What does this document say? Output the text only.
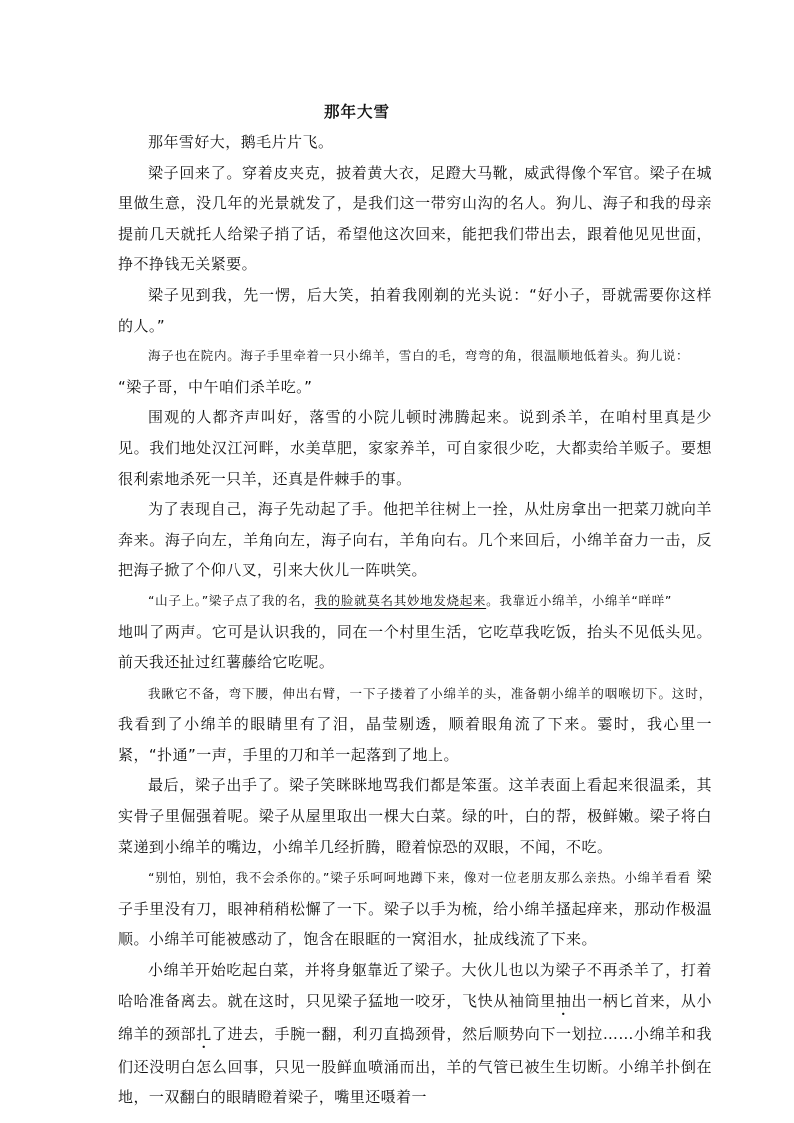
那年大雪

那年雪好大，鹅毛片片飞。

梁子回来了。穿着皮夹克，披着黄大衣，足蹬大马靴，威武得像个军官。梁子在城里做生意，没几年的光景就发了，是我们这一带穷山沟的名人。狗儿、海子和我的母亲提前几天就托人给梁子捎了话，希望他这次回来，能把我们带出去，跟着他见见世面，挣不挣钱无关紧要。

梁子见到我，先一愣，后大笑，拍着我刚剃的光头说：“好小子，哥就需要你这样的人。”

海子也在院内。海子手里牵着一只小绵羊，雪白的毛，弯弯的角，很温顺地低着头。狗儿说：

“梁子哥，中午咱们杀羊吃。”

围观的人都齐声叫好，落雪的小院儿顿时沸腾起来。说到杀羊，在咱村里真是少见。我们地处汉江河畔，水美草肥，家家养羊，可自家很少吃，大都卖给羊贩子。要想很利索地杀死一只羊，还真是件棘手的事。

为了表现自己，海子先动起了手。他把羊往树上一拴，从灶房拿出一把菜刀就向羊奔来。海子向左，羊角向左，海子向右，羊角向右。几个来回后，小绵羊奋力一击，反把海子掀了个仰八叉，引来大伙儿一阵哄笑。

“山子上。”梁子点了我的名，我的脸就莫名其妙地发烧起来。我靠近小绵羊，小绵羊“咩咩”

地叫了两声。它可是认识我的，同在一个村里生活，它吃草我吃饭，抬头不见低头见。前天我还扯过红薯藤给它吃呢。

我瞅它不备，弯下腰，伸出右臂，一下子搂着了小绵羊的头，准备朝小绵羊的咽喉切下。这时， 我看到了小绵羊的眼睛里有了泪，晶莹剔透，顺着眼角流了下来。霎时，我心里一紧，“扑通”一声，手里的刀和羊一起落到了地上。

最后，梁子出手了。梁子笑眯眯地骂我们都是笨蛋。这羊表面上看起来很温柔，其实骨子里倔强着呢。梁子从屋里取出一棵大白菜。绿的叶，白的帮，极鲜嫩。梁子将白菜递到小绵羊的嘴边，小绵羊几经折腾，瞪着惊恐的双眼，不闻，不吃。

“别怕，别怕，我不会杀你的。”梁子乐呵呵地蹲下来，像对一位老朋友那么亲热。小绵羊看看 梁子手里没有刀，眼神稍稍松懈了一下。梁子以手为梳，给小绵羊搔起痒来，那动作极温顺。小绵羊可能被感动了，饱含在眼眶的一窝泪水，扯成线流了下来。

小绵羊开始吃起白菜，并将身躯靠近了梁子。大伙儿也以为梁子不再杀羊了，打着哈哈准备离去。就在这时，只见梁子猛地一咬牙，飞快从袖筒里抽出一柄匕首来，从小绵羊的颈部扎了进去，手腕一翻，利刃直捣颈骨，然后顺势向下一划拉……小绵羊和我们还没明白怎么回事，只见一股鲜血喷涌而出，羊的气管已被生生切断。小绵羊扑倒在地，一双翻白的眼睛瞪着梁子，嘴里还嗫着一
